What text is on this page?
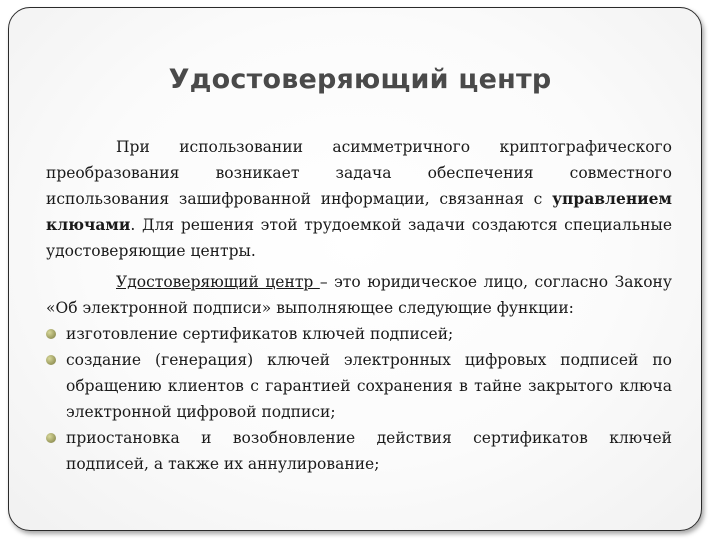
Удостоверяющий центр

При использовании асимметричного криптографического преобразования возникает задача обеспечения совместного использования зашифрованной информации, связанная с управлением ключами. Для решения этой трудоемкой задачи создаются специальные удостоверяющие центры.

Удостоверяющий центр – это юридическое лицо, согласно Закону «Об электронной подписи» выполняющее следующие функции:

изготовление сертификатов ключей подписей;
создание (генерация) ключей электронных цифровых подписей по обращению клиентов с гарантией сохранения в тайне закрытого ключа электронной цифровой подписи;
приостановка и возобновление действия сертификатов ключей подписей, а также их аннулирование;
